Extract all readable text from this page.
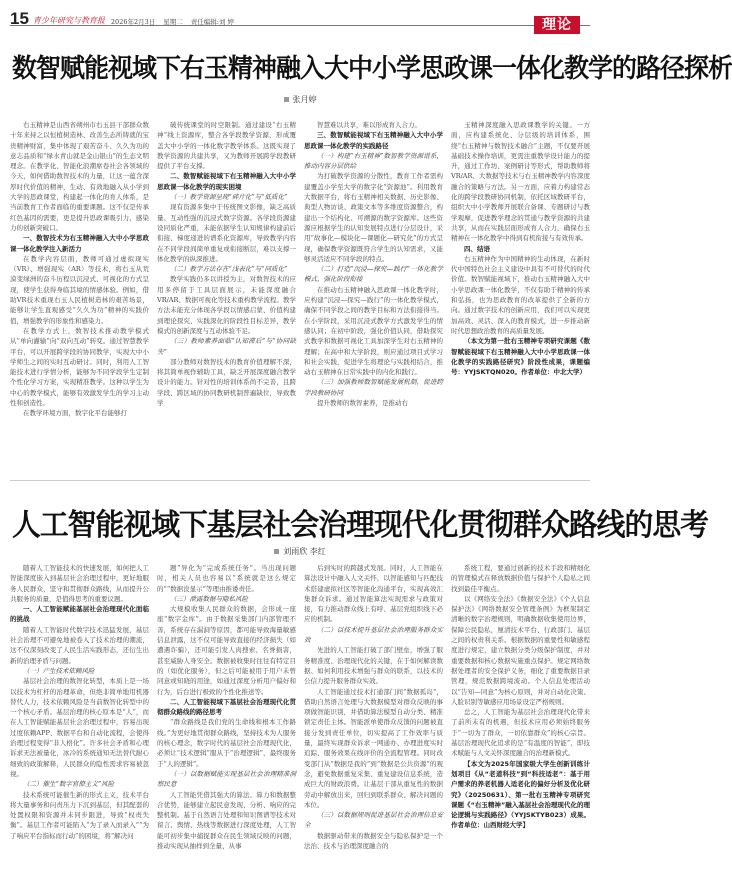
15 青少年研究与教育报 2026年2月3日 星期二 责任编辑:刘 婷	理论
数智赋能视域下右玉精神融入大中小学思政课一体化教学的路径探析
张月婷

右玉精神是山西省朔州市右玉县干部群众数十年来持之以恒植树造林、改善生态所铸就的宝贵精神财富，集中体现了艰苦奋斗、久久为功的意志品质和“绿水青山就是金山银山”的生态文明理念。在教学化、智能化浪潮席卷社会各领域的今天，如何借助数智技术的力量，让这一蕴含深厚时代价值的精神，生动、有效地融入从小学到大学的思政课堂，构建起一体化的育人体系，是当前教育工作者面临的重要课题。这不仅是传承红色基因的需要，更是提升思政课吸引力、感染力的创新突破口。

一、数智技术为右玉精神融入大中小学思政课一体化教学注入新活力

在教学内容层面，教师可通过虚拟现实（VR）、增强现实（AR）等技术，将右玉从荒漠变绿洲的奋斗历程以沉浸式、可视化的方式呈现，使学生获得身临其境的情感体验。例如，借助VR技术重现右玉人民植树造林的艰苦场景，能够让学生直观感受“久久为功”精神的实践价值，增强教学的形象性和感染力。

在教学方式上，数智技术推动教学模式从“单向灌输”向“双向互动”转变。通过智慧教学平台，可以开展跨学段的协同教学，实现大中小学师生之间的实时互动研讨。同时，利用人工智能技术进行学情分析，能够为不同学段学生定制个性化学习方案，实现精准教学。这种以学生为中心的教学模式，能够有效激发学生的学习主动性和创造性。

在教学环境方面，数字化平台能够打

破传统课堂的时空限制。通过建设“右玉精神”线上资源库，整合各学段教学资源，形成覆盖大中小学的一体化数字教学体系。这既实现了教学资源的共建共享，又为教师开展跨学段教研提供了平台支撑。

二、数智赋能视域下右玉精神融入大中小学思政课一体化教学的现实困境

（一）教学资源呈现“碎片化”与“低质化”

现有资源多集中于传统图文影像，缺乏高质量、互动性强的沉浸式数字资源。各学段资源建设同质化严重，未能依据学生认知规律构建前后衔接、梯度递进的谱系化资源库，导致教学内容在不同学段间简单重复或衔接断层，难以支撑一体化教学的纵深推进。

（二）教学方法存在“浅表化”与“同质化”

教学实践仍多以讲授为主，对数智技术的应用多停留于工具层面展示，未能深度融合VR/AR、数据可视化等技术重构教学流程。教学方法未能充分体现各学段以情感启蒙、价值构建到理论探究、实践深化的阶段性目标差异，教学模式的创新深度与互动体验不足。

（三）教师素养面临“认知滞后”与“协同缺失”

部分教师对数智技术的教育价值理解不深，将其简单视作辅助工具，缺乏开展深度融合教学设计的能力。针对性的培训体系尚不完善，且跨学段、跨区域的协同教研机制普遍缺位，导致教学

智慧难以共享，难以形成育人合力。

三、数智赋能视域下右玉精神融入大中小学思政课一体化教学的实践路径

（一）构建“右玉精神”数智教学资源谱系，推动内容分层供给

为打破教学资源的分散性，教育工作者需构建覆盖小学至大学的数字化“资源池”。利用教育大数据平台，将右玉精神相关数据、历史影像、典型人物访谈、政策文本等多维度资源整合，构建出一个结构化、可溯源的数字资源库。这些资源应根据学生的认知发展特点进行分层设计，采用“故事化—模块化—课题化—研究化”的方式呈现，确保教学资源既符合学生的认知需求，又能够灵活适应不同学段的特点。

（二）打造“沉浸—探究—践行”一体化教学模式，强化阶段衔接

在推动右玉精神融入思政课一体化教学时，应构建“沉浸—探究—践行”的一体化教学模式，确保不同学段之间的教学目标和方法衔接得当。在小学阶段，采用沉浸式教学方式激发学生的情感认同；在初中阶段，强化价值认同，借助探究式教学和数据可视化工具加深学生对右玉精神的理解；在高中和大学阶段，则应通过项目式学习和社会实践，促进学生将理论与实践相结合，推动右玉精神在日常实践中的内化和践行。

（三）加强教师数智赋能发展机制，促进跨学段教研协同

提升教师的数智素养，是推动右

玉精神深度融入思政课教学的关键。一方面，应构建系统化、分层级的培训体系，围绕“右玉精神与数智技术融合”主题，不仅要开展基础技术操作培训，更需注重教学设计能力的提升，通过工作坊、案例研讨等形式，帮助教师将VR/AR、大数据等技术与右玉精神教学内容深度融合的策略与方法。另一方面，应着力构建常态化的跨学段教研协同机制，依托区域教研平台，组织大中小学教师开展联合备课、专题研讨与教学观摩，促进教学理念的贯通与教学资源的共建共享，从而在实践层面形成育人合力，确保右玉精神在一体化教学中得到有机衔接与有效传承。

四、结语

右玉精神作为中国精神的生动体现，在新时代中国特色社会主义建设中具有不可替代的时代价值。数智赋能视域下，推动右玉精神融入大中小学思政课一体化教学，不仅有助于精神的传承和弘扬，也为思政教育的改革提供了全新的方向。通过数字技术的创新应用，我们可以实现更加高效、灵活、深入的教育模式，进一步推动新时代思想政治教育的高质量发展。

（本文为第一批右玉精神专项研究课题《数智赋能视域下右玉精神融入大中小学思政课一体化教学的实践路径研究》阶段性成果，课题编号：YYJSKTQN020。作者单位：中北大学）

人工智能视域下基层社会治理现代化贯彻群众路线的思考
刘雨欣 李红

随着人工智能技术的快速发展，如何把人工智能深度嵌入到基层社会治理过程中，更好地服务人民群众，坚守和贯彻群众路线，从而提升公共服务的质量，是值得思考的重要议题。

一、人工智能赋能基层社会治理现代化面临的挑战

随着人工智能时代数字技术迅猛发展，基层社会治理不可避免地被卷入了技术治理的潮流，这不仅深刻改变了人民生活实践形态，还衍生出新的治理矛盾与问题。

（一）产生技术依赖风险

基层社会治理的数智化转型，本质上是一场以技术为杠杆的治理革命，但绝非简单地用机器替代人力，技术依赖风险是当前数智化转型中的一个核心矛盾。基层治理的核心原本是“人”，而在人工智能赋能基层社会治理过程中，容易出现过度依赖APP、数据平台和自动化流程，会使得治理过程变得“非人格化”。许多社会矛盾和心理诉求无法被量化，冰冷的系统通知无法替代耐心细致的政策解释，人民群众的隐性需求容易被忽视。

（二）催生“数字官僚主义”风险

技术系统可能催生新的形式主义，技术平台将大量事务和问责压力下沉到基层，但其配套的处置权限和资源并未同步跟进，导致“权责失衡”。基层工作者可能陷入“为了录入而录入”“为了响应平台指标而行动”的困境，将“解决问

题”异化为“完成系统任务”。当出现问题时，相关人员也容易以“系统就是这么规定的”“数据没显示”等理由推诿责任。

（三）泄露数据与隐私风险

大规模收集人民群众的数据，会形成一座座“数字金库”。由于数据采集部门内部管理不善，系统存在漏洞等原因，都可能导致海量敏感信息泄露，这不仅可能导致直接的经济损失（如遭遇诈骗），还可能引发人肉搜索、名誉损害，甚至威胁人身安全。数据被收集时往往有特定目的（如优化服务），但之后可能被用于用户未曾同意或知晓的用途，如通过深度分析用户偏好和行为，后台进行极致的个性化推送等。

二、人工智能视域下基层社会治理现代化贯彻群众路线的路径思考

“群众路线是我们党的生命线和根本工作路线。”为更好地贯彻群众路线，坚持技术为人服务的核心理念，数字时代的基层社会治理现代化，必须让“技术逻辑”服从于“治理逻辑”，最终服务于“人的逻辑”。

（一）以数据赋能实现基层社会治理精准洞察民意

人工智能凭借其强大的算法、算力和数据整合优势，能够建立起民意发现、分析、响应的完整机制。基于自然语言处理和知识图谱等技术对留言、舆情、热线等数据进行深度处理，人工智能可初步集中捕捉群众在民生领域反映的问题，推动实现从抽样到全量、从事

后到实时的跨越式发展。同时，人工智能在算法设计中融入人文关怀，以智能感知与匹配技术搭建虚拟社区等智能化沟通平台，实现高效汇集群众诉求。通过智能算法实现需求与政策对接，有力推动群众线上有呼、基层党组织线下必应的机制。

（二）以技术提升基层社会治理服务群众实效

先进的人工智能打破了部门壁垒，增强了服务精准度、治理现代化的关键，在于如何解读数据、如何利用技术增强与群众的联系，以技术的公信力提升服务群众实效。

人工智能通过技术打通部门间“数据孤岛”，借助自然语言处理与大数据模型对群众反映的事项做智能识别，并借助算法模型自动分类、精准锁定责任主体。智能派单使群众反馈的问题被直接分发到责任单位，切实提高了工作效率与质量，最终实现群众诉求一网通办、办理进度实时追踪、服务效果在线评价的全流程管理。同时改变部门从“数据是我的”到“数据是公共资源”的观念，避免数据重复采集、重复建设信息系统，造成巨大的财政浪费。让基层干部从重复性的数据劳动中解放出来，回归到联系群众、解决问题的本位。

（三）以数据规则促进基层社会治理信息安全

数据驱动带来的数据安全与隐私保护是一个法治、技术与治理深度融合的

系统工程，要通过创新的技术手段和精细化的管理模式在释放数据价值与保护个人隐私之间找到最佳平衡点。

以《网络安全法》《数据安全法》《个人信息保护法》《网络数据安全管理条例》为框架制定清晰的数字治理规则，明确数据收集使用边界，保障公民隐私，厘清技术平台、行政部门、基层之间的权责利关系。根据数据的重要性和敏感程度进行规定，建立数据分类分级保护制度，并对重要数据和核心数据实施重点保护。规定网络数据处理者的安全保护义务，细化了重要数据目录管理，规范数据跨境流动。个人信息处理活动以“告知—同意”为核心原则，并对自动化决策、人脸识别等敏感应用场景设定严格规则。

总之，人工智能为基层社会治理现代化带来了前所未有的机遇，但技术应用必须始终服务于“一切为了群众，一切依靠群众”的核心宗旨。基层治理现代化追求的是“有温度的智能”，即技术赋能与人文关怀深度融合的治理新模式。

【本文为2025年国家级大学生创新训练计划项目《从“老道科技”到“科技适老”：基于用户需求的养老机器人适老化的偏好分析及优化研究》（20250631）、第一批右玉精神专项研究课题《“右玉精神”融入基层社会治理现代化的理论逻辑与实践路径》（YYJSKTYB023）成果。作者单位：山西财经大学】
